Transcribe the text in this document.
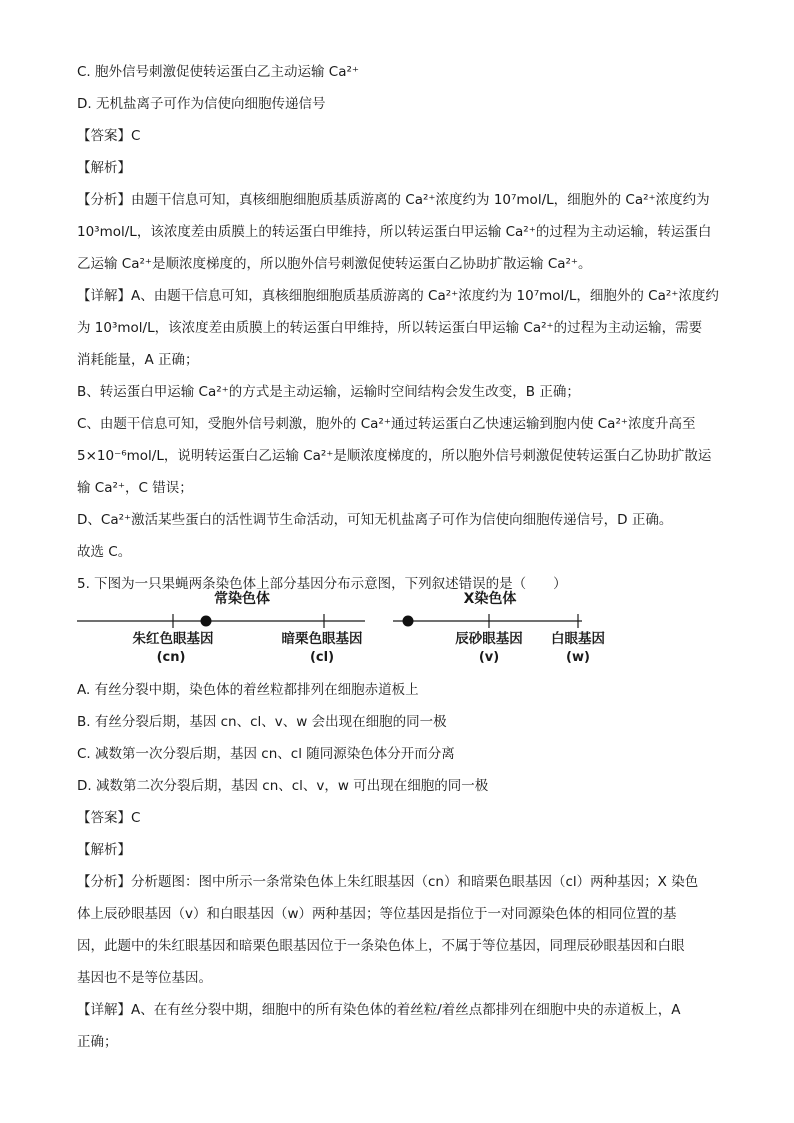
C. 胞外信号刺激促使转运蛋白乙主动运输 Ca²⁺
D. 无机盐离子可作为信使向细胞传递信号
【答案】C
【解析】
【分析】由题干信息可知，真核细胞细胞质基质游离的 Ca²⁺浓度约为 10⁷mol/L，细胞外的 Ca²⁺浓度约为
10³mol/L，该浓度差由质膜上的转运蛋白甲维持，所以转运蛋白甲运输 Ca²⁺的过程为主动运输，转运蛋白
乙运输 Ca²⁺是顺浓度梯度的，所以胞外信号刺激促使转运蛋白乙协助扩散运输 Ca²⁺。
【详解】A、由题干信息可知，真核细胞细胞质基质游离的 Ca²⁺浓度约为 10⁷mol/L，细胞外的 Ca²⁺浓度约
为 10³mol/L，该浓度差由质膜上的转运蛋白甲维持，所以转运蛋白甲运输 Ca²⁺的过程为主动运输，需要
消耗能量，A 正确；
B、转运蛋白甲运输 Ca²⁺的方式是主动运输，运输时空间结构会发生改变，B 正确；
C、由题干信息可知，受胞外信号刺激，胞外的 Ca²⁺通过转运蛋白乙快速运输到胞内使 Ca²⁺浓度升高至
5×10⁻⁶mol/L，说明转运蛋白乙运输 Ca²⁺是顺浓度梯度的，所以胞外信号刺激促使转运蛋白乙协助扩散运
输 Ca²⁺，C 错误；
D、Ca²⁺激活某些蛋白的活性调节生命活动，可知无机盐离子可作为信使向细胞传递信号，D 正确。
故选 C。
5. 下图为一只果蝇两条染色体上部分基因分布示意图，下列叙述错误的是（　　）
A. 有丝分裂中期，染色体的着丝粒都排列在细胞赤道板上
B. 有丝分裂后期，基因 cn、cl、v、w 会出现在细胞的同一极
C. 减数第一次分裂后期，基因 cn、cl 随同源染色体分开而分离
D. 减数第二次分裂后期，基因 cn、cl、v，w 可出现在细胞的同一极
【答案】C
【解析】
【分析】分析题图：图中所示一条常染色体上朱红眼基因（cn）和暗栗色眼基因（cl）两种基因；X 染色
体上辰砂眼基因（v）和白眼基因（w）两种基因；等位基因是指位于一对同源染色体的相同位置的基
因，此题中的朱红眼基因和暗栗色眼基因位于一条染色体上，不属于等位基因，同理辰砂眼基因和白眼
基因也不是等位基因。
【详解】A、在有丝分裂中期，细胞中的所有染色体的着丝粒/着丝点都排列在细胞中央的赤道板上，A
正确；
常染色体
朱红色眼基因
(cn)
暗栗色眼基因
(cl)
X染色体
辰砂眼基因
(v)
白眼基因
(w)
